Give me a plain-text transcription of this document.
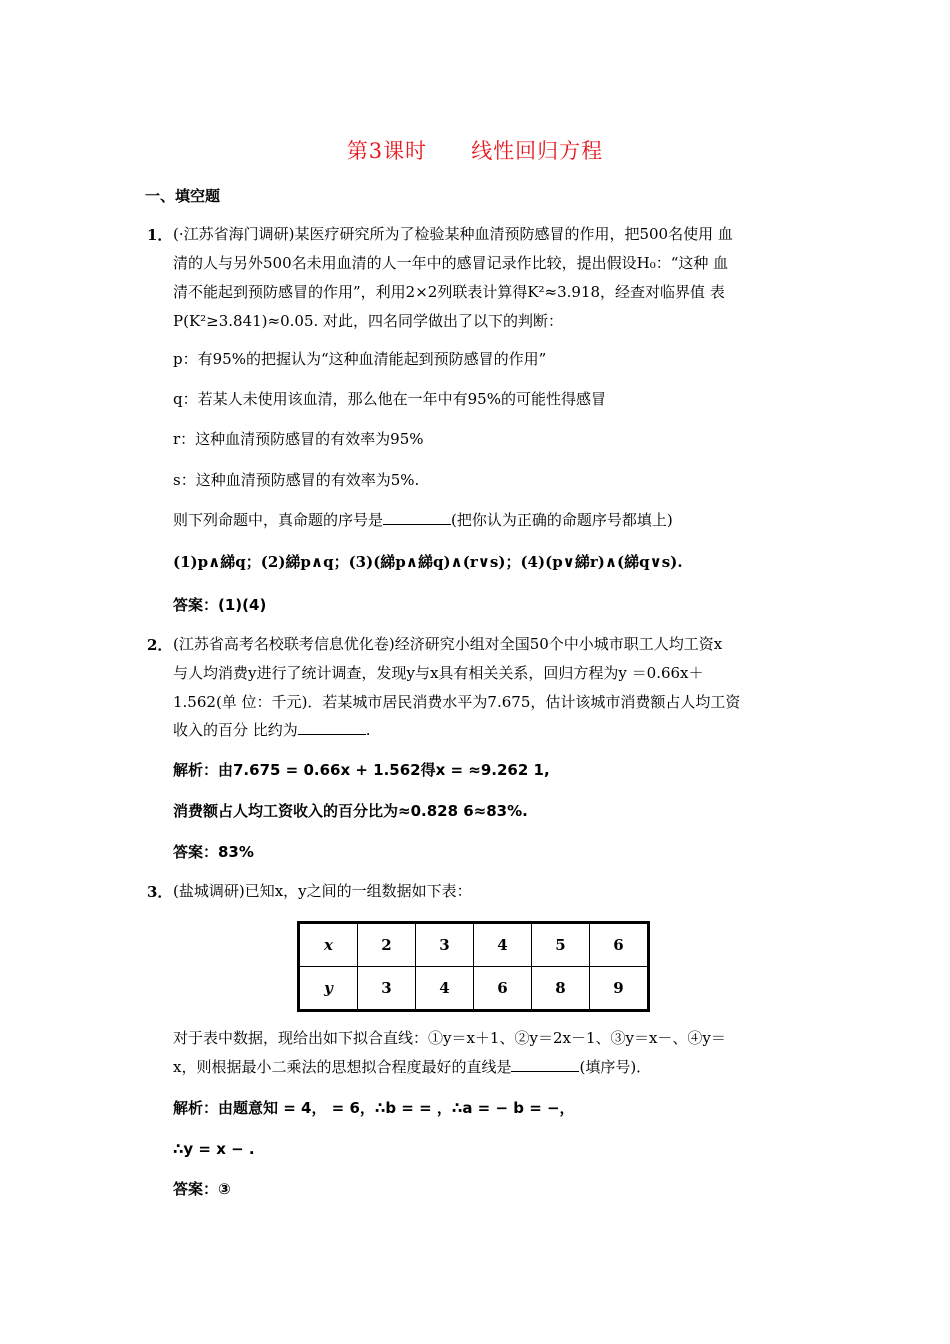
第3课时 线性回归方程
一、填空题
1． (·江苏省海门调研)某医疗研究所为了检验某种血清预防感冒的作用，把500名使用 血
清的人与另外500名未用血清的人一年中的感冒记录作比较，提出假设H₀：“这种 血
清不能起到预防感冒的作用”，利用2×2列联表计算得K²≈3.918，经查对临界值 表
P(K²≥3.841)≈0.05. 对此，四名同学做出了以下的判断：
p：有95%的把握认为“这种血清能起到预防感冒的作用”
q：若某人未使用该血清，那么他在一年中有95%的可能性得感冒
r：这种血清预防感冒的有效率为95%
s：这种血清预防感冒的有效率为5%.
则下列命题中，真命题的序号是	(把你认为正确的命题序号都填上)
(1)p∧綈q；(2)綈p∧q；(3)(綈p∧綈q)∧(r∨s)；(4)(p∨綈r)∧(綈q∨s).
答案：(1)(4)
2． (江苏省高考名校联考信息优化卷)经济研究小组对全国50个中小城市职工人均工资x
与人均消费y进行了统计调查，发现y与x具有相关关系，回归方程为y ＝0.66x＋
1.562(单 位：千元)．若某城市居民消费水平为7.675，估计该城市消费额占人均工资
收入的百分 比约为	.
解析：由7.675 = 0.66x + 1.562得x = ≈9.262 1,
消费额占人均工资收入的百分比为≈0.828 6≈83%.
答案：83%
3． (盐城调研)已知x，y之间的一组数据如下表：
x	2	3	4	5	6
y	3	4	6	8	9
对于表中数据，现给出如下拟合直线：①y＝x＋1、②y＝2x－1、③y＝x－、④y＝
x，则根据最小二乘法的思想拟合程度最好的直线是	(填序号)．
解析：由题意知 = 4， = 6，∴b = = ，∴a = − b = −，
∴y = x − .
答案：③
